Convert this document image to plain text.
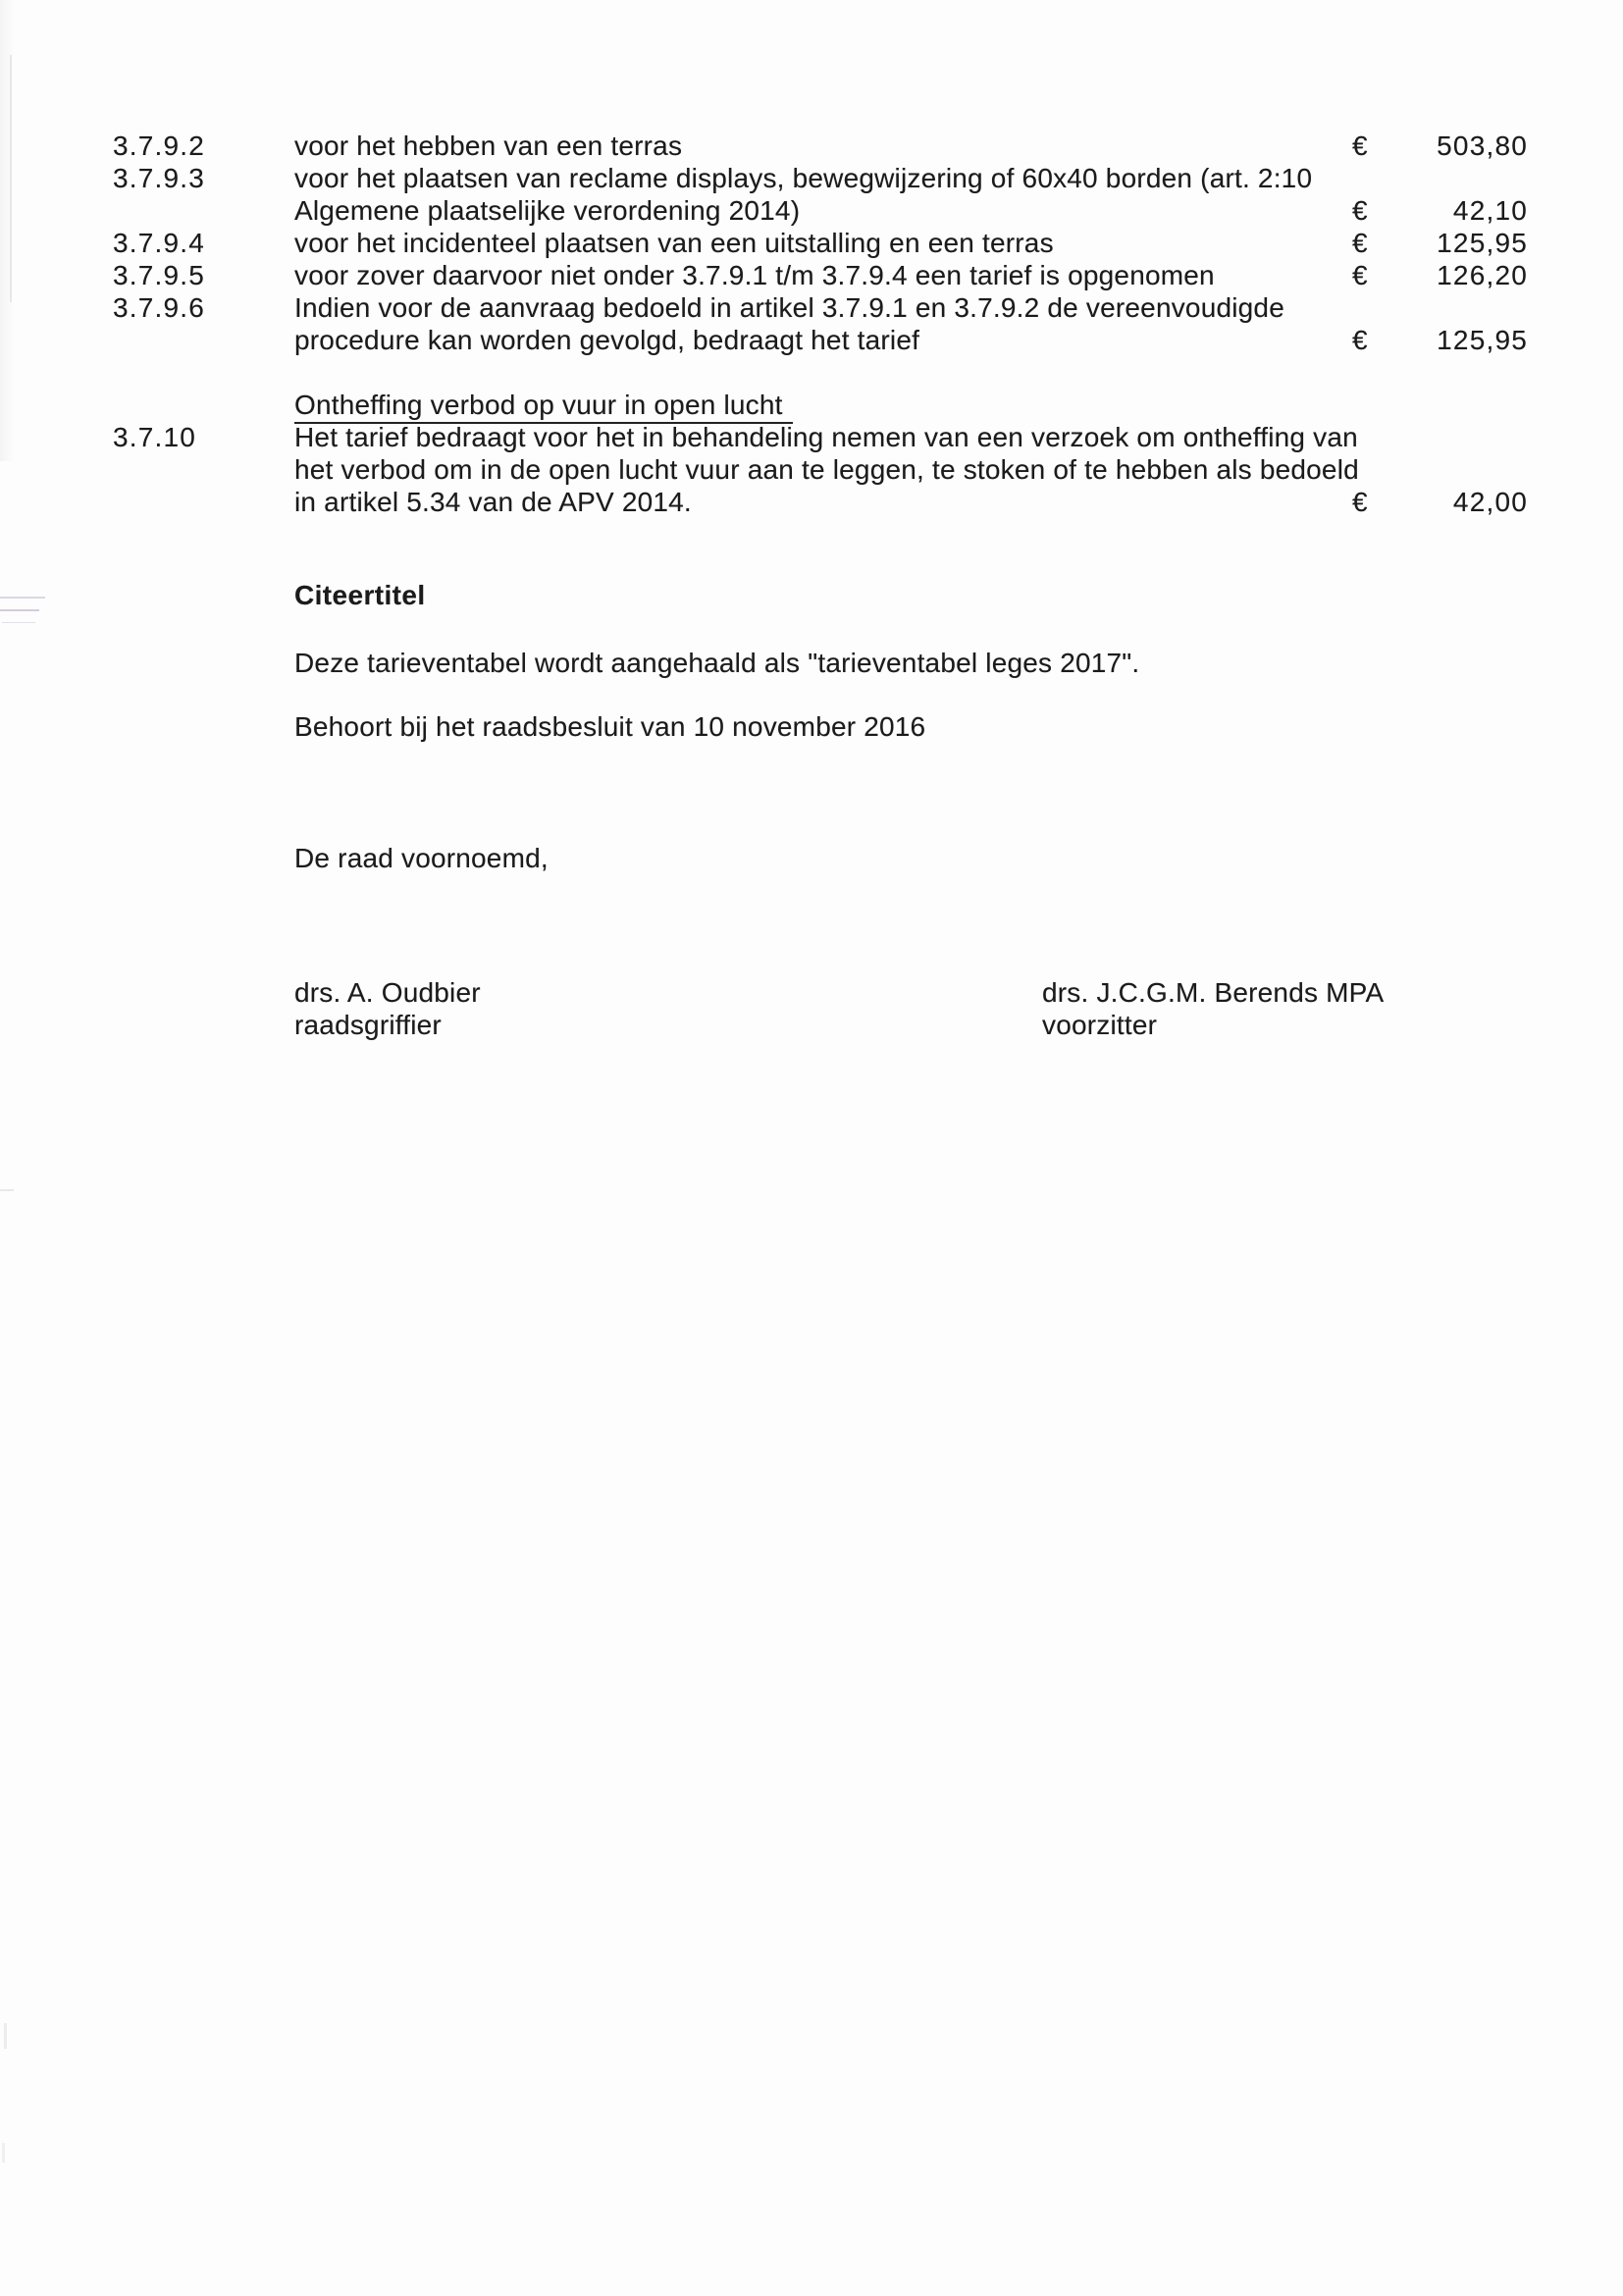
3.7.9.2	voor het hebben van een terras	€	503,80
3.7.9.3	voor het plaatsen van reclame displays, bewegwijzering of 60x40 borden (art. 2:10
Algemene plaatselijke verordening 2014)	€	42,10
3.7.9.4	voor het incidenteel plaatsen van een uitstalling en een terras	€	125,95
3.7.9.5	voor zover daarvoor niet onder 3.7.9.1 t/m 3.7.9.4 een tarief is opgenomen	€	126,20
3.7.9.6	Indien voor de aanvraag bedoeld in artikel 3.7.9.1 en 3.7.9.2 de vereenvoudigde
procedure kan worden gevolgd, bedraagt het tarief	€	125,95
Ontheffing verbod op vuur in open lucht
3.7.10	Het tarief bedraagt voor het in behandeling nemen van een verzoek om ontheffing van
het verbod om in de open lucht vuur aan te leggen, te stoken of te hebben als bedoeld
in artikel 5.34 van de APV 2014.	€	42,00
Citeertitel
Deze tarieventabel wordt aangehaald als "tarieventabel leges 2017".
Behoort bij het raadsbesluit van 10 november 2016
De raad voornoemd,
drs. A. Oudbier
raadsgriffier
drs. J.C.G.M. Berends MPA
voorzitter
